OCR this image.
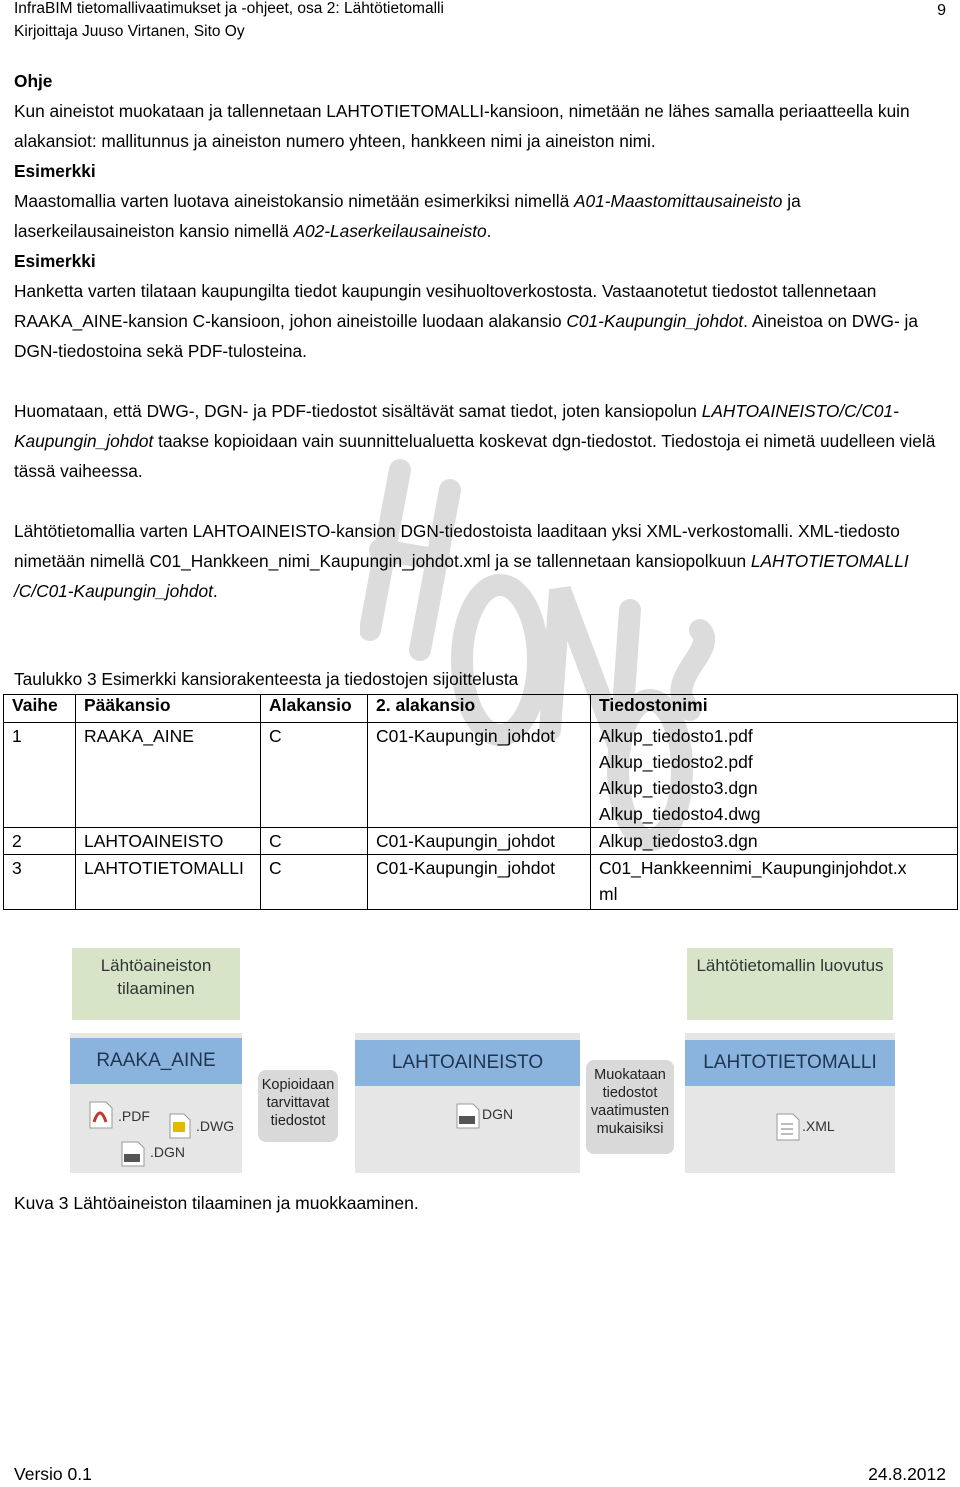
InfraBIM tietomallivaatimukset ja -ohjeet, osa 2: Lähtötietomalli
Kirjoittaja Juuso Virtanen, Sito Oy
9
Ohje
Kun aineistot muokataan ja tallennetaan LAHTOTIETOMALLI-kansioon, nimetään ne lähes samalla periaatteella kuin alakansiot: mallitunnus ja aineiston numero yhteen, hankkeen nimi ja aineiston nimi.
Esimerkki
Maastomallia varten luotava aineistokansio nimetään esimerkiksi nimellä A01-Maastomittausaineisto ja laserkeilausaineiston kansio nimellä A02-Laserkeilausaineisto.
Esimerkki
Hanketta varten tilataan kaupungilta tiedot kaupungin vesihuoltoverkostosta. Vastaanotetut tiedostot tallennetaan RAAKA_AINE-kansion C-kansioon, johon aineistoille luodaan alakansio C01-Kaupungin_johdot. Aineistoa on DWG- ja DGN-tiedostoina sekä PDF-tulosteina.
Huomataan, että DWG-, DGN- ja PDF-tiedostot sisältävät samat tiedot, joten kansiopolun LAHTOAINEISTO/C/C01-Kaupungin_johdot taakse kopioidaan vain suunnittelualuetta koskevat dgn-tiedostot. Tiedostoja ei nimetä uudelleen vielä tässä vaiheessa.
Lähtötietomallia varten LAHTOAINEISTO-kansion DGN-tiedostoista laaditaan yksi XML-verkostomalli. XML-tiedosto nimetään nimellä C01_Hankkeen_nimi_Kaupungin_johdot.xml ja se tallennetaan kansiopolkuun LAHTOTIETOMALLI /C/C01-Kaupungin_johdot.
Taulukko 3 Esimerkki kansiorakenteesta ja tiedostojen sijoittelusta
Vaihe	Pääkansio	Alakansio	2. alakansio	Tiedostonimi
1	RAAKA_AINE	C	C01-Kaupungin_johdot	Alkup_tiedosto1.pdf
Alkup_tiedosto2.pdf
Alkup_tiedosto3.dgn
Alkup_tiedosto4.dwg

2	LAHTOAINEISTO	C	C01-Kaupungin_johdot	Alkup_tiedosto3.dgn
3	LAHTOTIETOMALLI	C	C01-Kaupungin_johdot	C01_Hankkeennimi_Kaupunginjohdot.x
ml
Lähtöaineiston tilaaminen
Lähtötietomallin luovutus
RAAKA_AINE	LAHTOAINEISTO	LAHTOTIETOMALLI
Kopioidaan tarvittavat tiedostot
Muokataan tiedostot vaatimusten mukaisiksi
.PDF
.DWG
.DGN
DGN
.XML
Kuva 3 Lähtöaineiston tilaaminen ja muokkaaminen.
Versio 0.1	24.8.2012
